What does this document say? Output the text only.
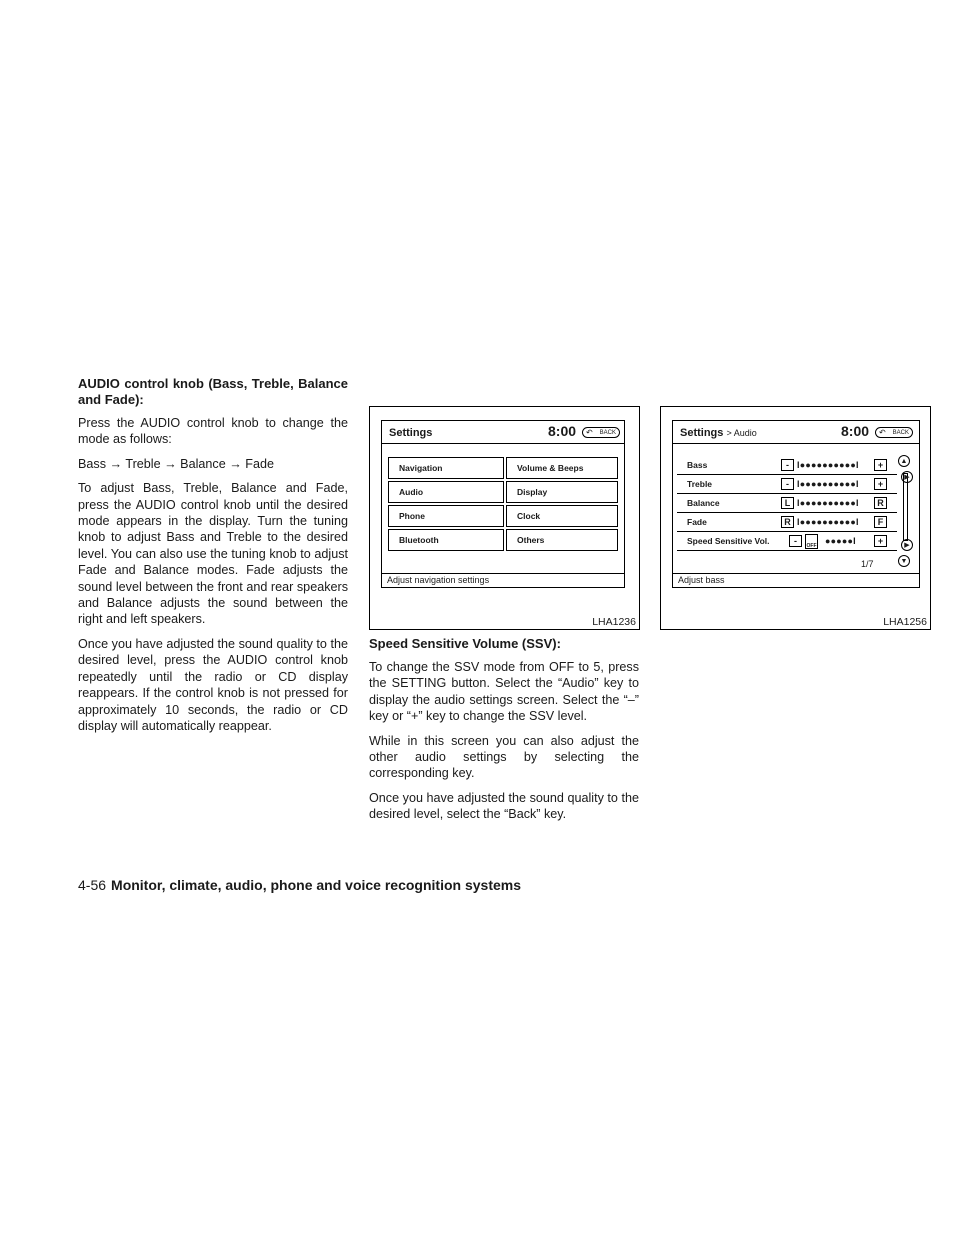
AUDIO control knob (Bass, Treble, Balance and Fade):

Press the AUDIO control knob to change the mode as follows:

Bass → Treble → Balance → Fade

To adjust Bass, Treble, Balance and Fade, press the AUDIO control knob until the desired mode appears in the display. Turn the tuning knob to adjust Bass and Treble to the desired level. You can also use the tuning knob to adjust Fade and Balance modes. Fade adjusts the sound level between the front and rear speakers and Balance adjusts the sound between the right and left speakers.

Once you have adjusted the sound quality to the desired level, press the AUDIO control knob repeatedly until the radio or CD display reappears. If the control knob is not pressed for approximately 10 seconds, the radio or CD display will automatically reappear.

Settings	8:00 ↶ BACK
Navigation
Audio
Phone
Bluetooth
Volume & Beeps
Display
Clock
Others
Adjust navigation settings
LHA1236
Settings > Audio	8:00 ↶ BACK
Bass	- I●●●●●●●●●●I	+
Treble	- I●●●●●●●●●●I	+
Balance	L I●●●●●●●●●●I	R
Fade	R I●●●●●●●●●●I	F
Speed Sensitive Vol.	-	OFF ●●●●●I	+
▲
▶
▶
▼
1/7
Adjust bass
LHA1256
Speed Sensitive Volume (SSV):

To change the SSV mode from OFF to 5, press the SETTING button. Select the “Audio” key to display the audio settings screen. Select the “–” key or “+” key to change the SSV level.

While in this screen you can also adjust the other audio settings by selecting the corresponding key.

Once you have adjusted the sound quality to the desired level, select the “Back” key.

4-56 Monitor, climate, audio, phone and voice recognition systems
